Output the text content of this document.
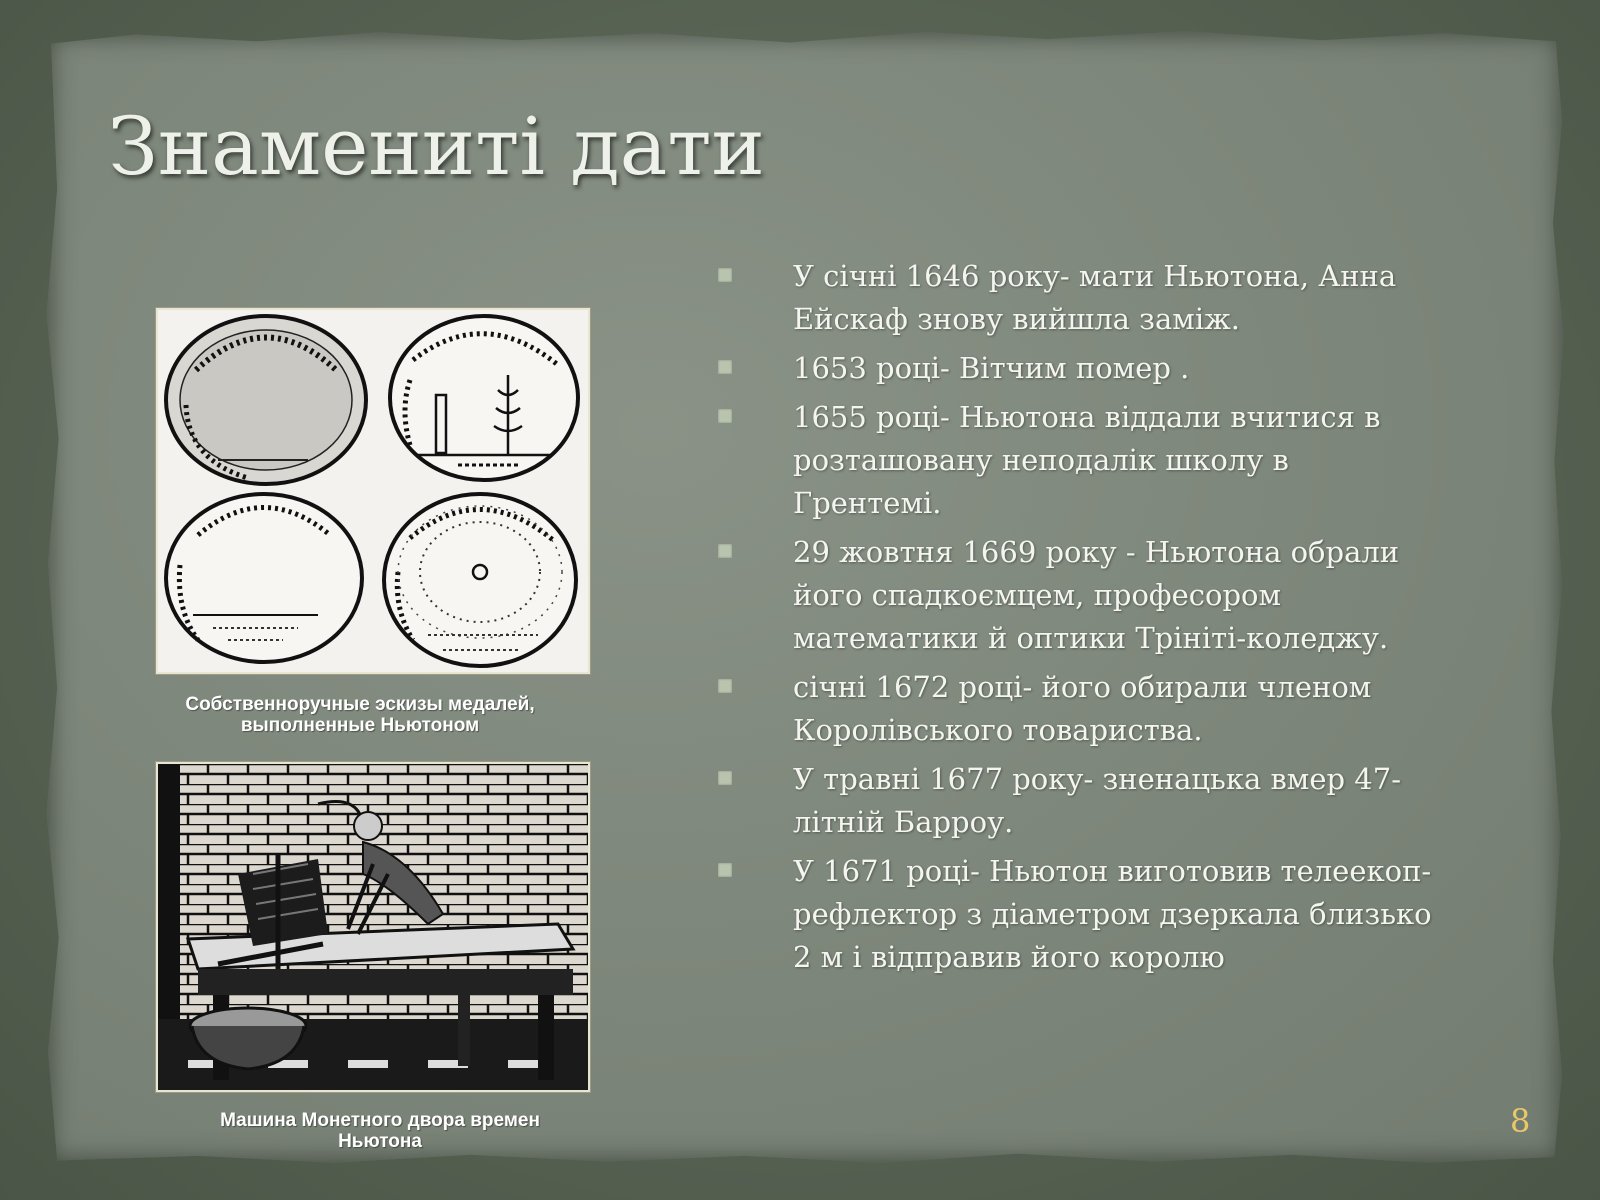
Знамениті дати
У січні 1646 року- мати Ньютона, Анна Ейскаф знову вийшла заміж.
1653 році- Вітчим помер .
1655 році- Ньютона віддали вчитися в розташовану неподалік школу в Грентемі.
29 жовтня 1669 року - Ньютона обрали його спадкоємцем, професором математики й оптики Трініті-коледжу.
січні 1672 році- його обирали членом Королівського товариства.
У травні 1677 року- зненацька вмер 47-літній Барроу.
У 1671 році- Ньютон виготовив телеекоп-рефлектор з діаметром дзеркала близько 2 м і відправив його королю
Собственноручные эскизы медалей,
выполненные Ньютоном
Машина Монетного двора времен
Ньютона
8
